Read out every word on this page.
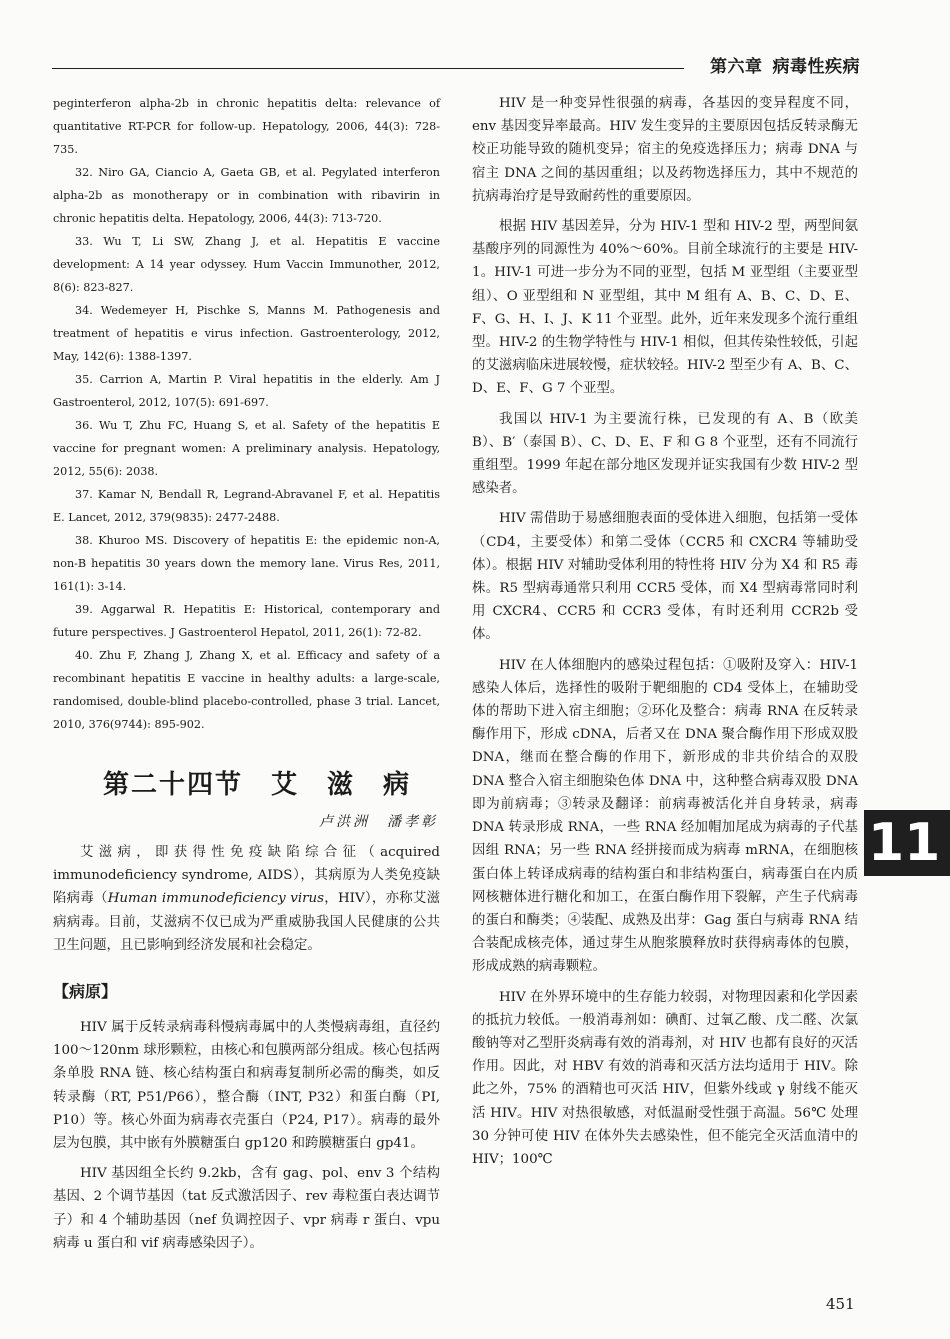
第六章 病毒性疾病
peginterferon alpha-2b in chronic hepatitis delta: relevance of quantitative RT-PCR for follow-up. Hepatology, 2006, 44(3): 728-735.
32. Niro GA, Ciancio A, Gaeta GB, et al. Pegylated interferon alpha-2b as monotherapy or in combination with ribavirin in chronic hepatitis delta. Hepatology, 2006, 44(3): 713-720.
33. Wu T, Li SW, Zhang J, et al. Hepatitis E vaccine development: A 14 year odyssey. Hum Vaccin Immunother, 2012, 8(6): 823-827.
34. Wedemeyer H, Pischke S, Manns M. Pathogenesis and treatment of hepatitis e virus infection. Gastroenterology, 2012, May, 142(6): 1388-1397.
35. Carrion A, Martin P. Viral hepatitis in the elderly. Am J Gastroenterol, 2012, 107(5): 691-697.
36. Wu T, Zhu FC, Huang S, et al. Safety of the hepatitis E vaccine for pregnant women: A preliminary analysis. Hepatology, 2012, 55(6): 2038.
37. Kamar N, Bendall R, Legrand-Abravanel F, et al. Hepatitis E. Lancet, 2012, 379(9835): 2477-2488.
38. Khuroo MS. Discovery of hepatitis E: the epidemic non-A, non-B hepatitis 30 years down the memory lane. Virus Res, 2011, 161(1): 3-14.
39. Aggarwal R. Hepatitis E: Historical, contemporary and future perspectives. J Gastroenterol Hepatol, 2011, 26(1): 72-82.
40. Zhu F, Zhang J, Zhang X, et al. Efficacy and safety of a recombinant hepatitis E vaccine in healthy adults: a large-scale, randomised, double-blind placebo-controlled, phase 3 trial. Lancet, 2010, 376(9744): 895-902.
第二十四节　艾　滋　病
卢洪洲　潘孝彰

艾滋病，即获得性免疫缺陷综合征（acquired immunodeficiency syndrome, AIDS），其病原为人类免疫缺陷病毒（Human immunodeficiency virus，HIV），亦称艾滋病病毒。目前，艾滋病不仅已成为严重威胁我国人民健康的公共卫生问题，且已影响到经济发展和社会稳定。

【病原】

HIV 属于反转录病毒科慢病毒属中的人类慢病毒组，直径约 100～120nm 球形颗粒，由核心和包膜两部分组成。核心包括两条单股 RNA 链、核心结构蛋白和病毒复制所必需的酶类，如反转录酶（RT, P51/P66），整合酶（INT, P32）和蛋白酶（PI, P10）等。核心外面为病毒衣壳蛋白（P24, P17）。病毒的最外层为包膜，其中嵌有外膜糖蛋白 gp120 和跨膜糖蛋白 gp41。

HIV 基因组全长约 9.2kb，含有 gag、pol、env 3 个结构基因、2 个调节基因（tat 反式激活因子、rev 毒粒蛋白表达调节子）和 4 个辅助基因（nef 负调控因子、vpr 病毒 r 蛋白、vpu 病毒 u 蛋白和 vif 病毒感染因子）。

HIV 是一种变异性很强的病毒，各基因的变异程度不同，env 基因变异率最高。HIV 发生变异的主要原因包括反转录酶无校正功能导致的随机变异；宿主的免疫选择压力；病毒 DNA 与宿主 DNA 之间的基因重组；以及药物选择压力，其中不规范的抗病毒治疗是导致耐药性的重要原因。

根据 HIV 基因差异，分为 HIV-1 型和 HIV-2 型，两型间氨基酸序列的同源性为 40%～60%。目前全球流行的主要是 HIV-1。HIV-1 可进一步分为不同的亚型，包括 M 亚型组（主要亚型组）、O 亚型组和 N 亚型组，其中 M 组有 A、B、C、D、E、F、G、H、I、J、K 11 个亚型。此外，近年来发现多个流行重组型。HIV-2 的生物学特性与 HIV-1 相似，但其传染性较低，引起的艾滋病临床进展较慢，症状较轻。HIV-2 型至少有 A、B、C、D、E、F、G 7 个亚型。

我国以 HIV-1 为主要流行株，已发现的有 A、B（欧美 B）、B′（泰国 B）、C、D、E、F 和 G 8 个亚型，还有不同流行重组型。1999 年起在部分地区发现并证实我国有少数 HIV-2 型感染者。

HIV 需借助于易感细胞表面的受体进入细胞，包括第一受体（CD4，主要受体）和第二受体（CCR5 和 CXCR4 等辅助受体）。根据 HIV 对辅助受体利用的特性将 HIV 分为 X4 和 R5 毒株。R5 型病毒通常只利用 CCR5 受体，而 X4 型病毒常同时利用 CXCR4、CCR5 和 CCR3 受体，有时还利用 CCR2b 受体。

HIV 在人体细胞内的感染过程包括：①吸附及穿入：HIV-1 感染人体后，选择性的吸附于靶细胞的 CD4 受体上，在辅助受体的帮助下进入宿主细胞；②环化及整合：病毒 RNA 在反转录酶作用下，形成 cDNA，后者又在 DNA 聚合酶作用下形成双股 DNA，继而在整合酶的作用下，新形成的非共价结合的双股 DNA 整合入宿主细胞染色体 DNA 中，这种整合病毒双股 DNA 即为前病毒；③转录及翻译：前病毒被活化并自身转录，病毒 DNA 转录形成 RNA，一些 RNA 经加帽加尾成为病毒的子代基因组 RNA；另一些 RNA 经拼接而成为病毒 mRNA，在细胞核蛋白体上转译成病毒的结构蛋白和非结构蛋白，病毒蛋白在内质网核糖体进行糖化和加工，在蛋白酶作用下裂解，产生子代病毒的蛋白和酶类；④装配、成熟及出芽：Gag 蛋白与病毒 RNA 结合装配成核壳体，通过芽生从胞浆膜释放时获得病毒体的包膜，形成成熟的病毒颗粒。

HIV 在外界环境中的生存能力较弱，对物理因素和化学因素的抵抗力较低。一般消毒剂如：碘酊、过氧乙酸、戊二醛、次氯酸钠等对乙型肝炎病毒有效的消毒剂，对 HIV 也都有良好的灭活作用。因此，对 HBV 有效的消毒和灭活方法均适用于 HIV。除此之外，75% 的酒精也可灭活 HIV，但紫外线或 γ 射线不能灭活 HIV。HIV 对热很敏感，对低温耐受性强于高温。56℃ 处理 30 分钟可使 HIV 在体外失去感染性，但不能完全灭活血清中的 HIV；100℃

11
451
